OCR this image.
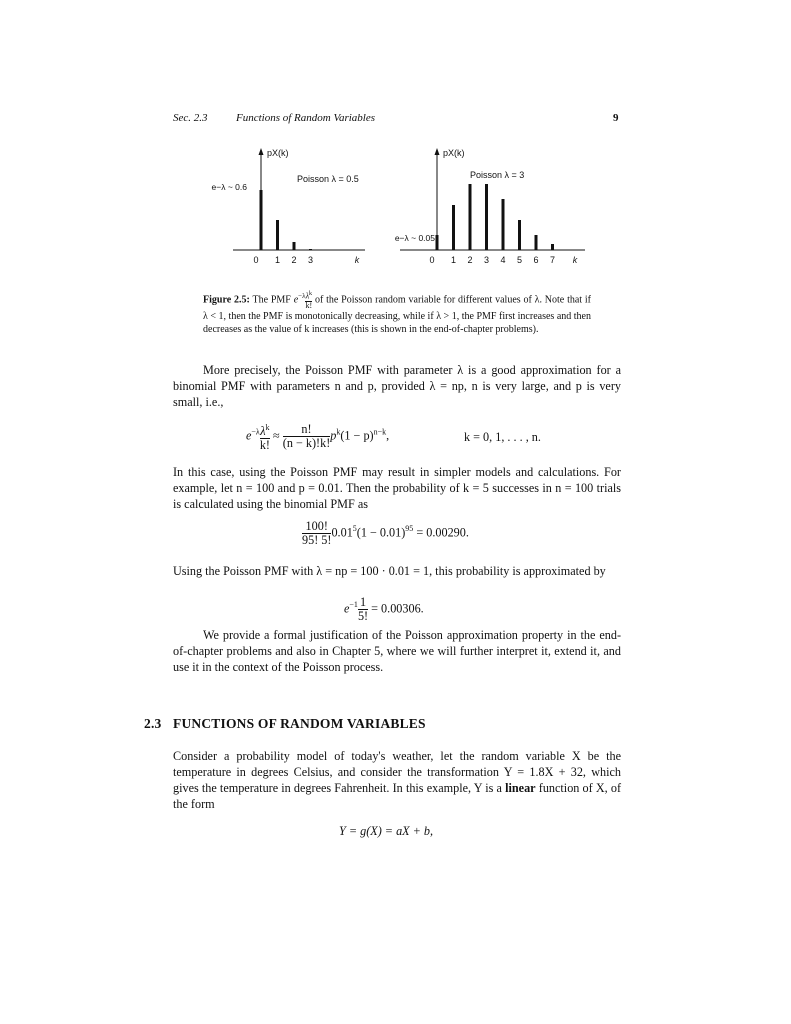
Sec. 2.3	Functions of Random Variables	9
pX(k)
Poisson λ = 0.5
e−λ ~ 0.6
0 1 2 3	k
pX(k)
Poisson λ = 3
e−λ ~ 0.05
0 1 2 3 4 5 6 7 k
Figure 2.5: The PMF $e^{-\lambda} \frac{\lambda^k}{k!}$ of the Poisson random variable for different values of λ. Note that if λ < 1, then the PMF is monotonically decreasing, while if λ > 1, the PMF first increases and then decreases as the value of k increases (this is shown in the end-of-chapter problems).
More precisely, the Poisson PMF with parameter λ is a good approximation for a binomial PMF with parameters n and p, provided λ = np, n is very large, and p is very small, i.e.,
$e^{-\lambda} \frac{\lambda^k}{k!} \approx \frac{n!}{(n - k)!k!} p^k(1 - p)^{n-k}$,	k = 0, 1, . . . , n.
In this case, using the Poisson PMF may result in simpler models and calculations. For example, let n = 100 and p = 0.01. Then the probability of k = 5 successes in n = 100 trials is calculated using the binomial PMF as
$\frac{100!}{95! 5!} 0.01^5(1 - 0.01)^{95} = 0.00290$.
Using the Poisson PMF with λ = np = 100 · 0.01 = 1, this probability is approximated by
$e^{-1} \frac{1}{5!} = 0.00306$.
We provide a formal justification of the Poisson approximation property in the end-of-chapter problems and also in Chapter 5, where we will further interpret it, extend it, and use it in the context of the Poisson process.
2.3 FUNCTIONS OF RANDOM VARIABLES
Consider a probability model of today's weather, let the random variable X be the temperature in degrees Celsius, and consider the transformation Y = 1.8X + 32, which gives the temperature in degrees Fahrenheit. In this example, Y is a linear function of X, of the form
Y = g(X) = aX + b,
